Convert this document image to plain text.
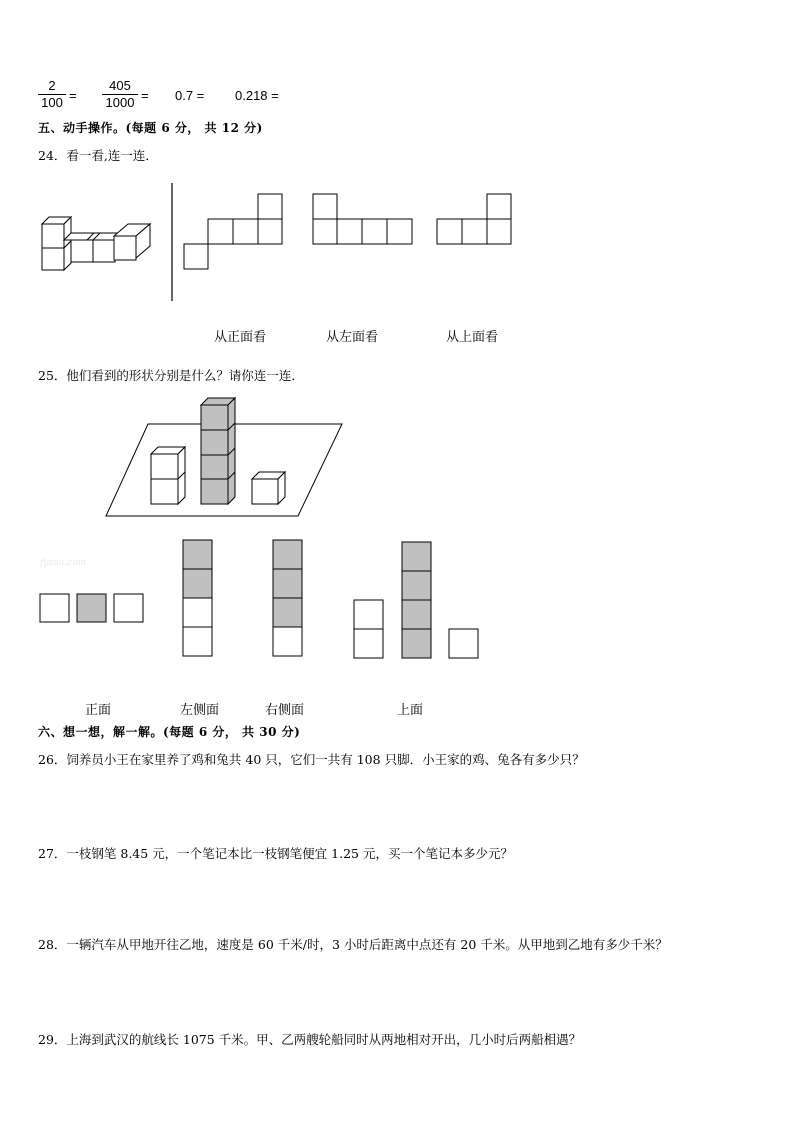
$\frac{2}{100} = \frac{405}{1000} = 0.7 = 0.218$ =
五、动手操作。(每题 6 分， 共 12 分)
24．看一看,连一连．
从正面看	从左面看	从上面看
25．他们看到的形状分别是什么？请你连一连．
fyzou.com
正面	左侧面	右侧面	上面
六、想一想，解一解。(每题 6 分， 共 30 分)
26．饲养员小王在家里养了鸡和兔共 40 只，它们一共有 108 只脚．小王家的鸡、兔各有多少只？
27．一枝钢笔 8.45 元，一个笔记本比一枝钢笔便宜 1.25 元，买一个笔记本多少元？
28．一辆汽车从甲地开往乙地，速度是 60 千米/时，3 小时后距离中点还有 20 千米。从甲地到乙地有多少千米？
29．上海到武汉的航线长 1075 千米。甲、乙两艘轮船同时从两地相对开出，几小时后两船相遇？
